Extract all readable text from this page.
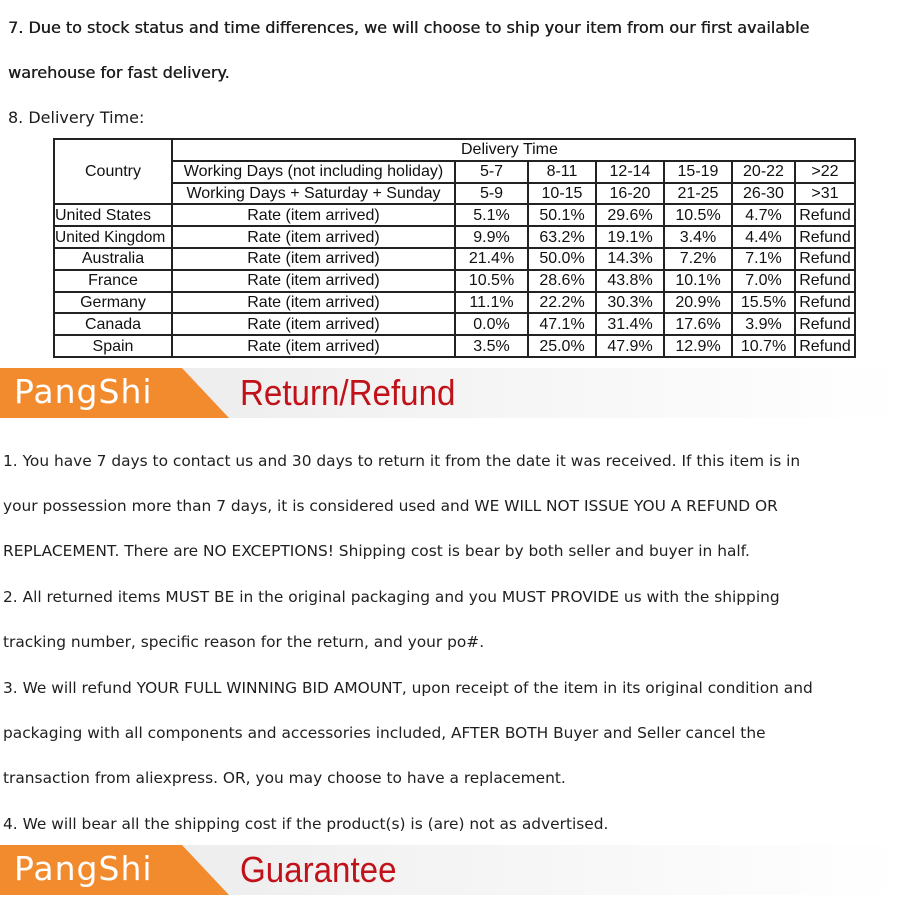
7. Due to stock status and time differences, we will choose to ship your item from our first available
warehouse for fast delivery.
8. Delivery Time:
Country		Delivery Time					
	Working Days (not including holiday)	5-7	8-11	12-14	15-19	20-22	>22
	Working Days + Saturday + Sunday	5-9	10-15	16-20	21-25	26-30	>31
United States	Rate (item arrived)	5.1%	50.1%	29.6%	10.5%	4.7%	Refund
United Kingdom	Rate (item arrived)	9.9%	63.2%	19.1%	3.4%	4.4%	Refund
Australia	Rate (item arrived)	21.4%	50.0%	14.3%	7.2%	7.1%	Refund
France	Rate (item arrived)	10.5%	28.6%	43.8%	10.1%	7.0%	Refund
Germany	Rate (item arrived)	11.1%	22.2%	30.3%	20.9%	15.5%	Refund
Canada	Rate (item arrived)	0.0%	47.1%	31.4%	17.6%	3.9%	Refund
Spain	Rate (item arrived)	3.5%	25.0%	47.9%	12.9%	10.7%	Refund
PangShi Return/Refund
1. You have 7 days to contact us and 30 days to return it from the date it was received. If this item is in
your possession more than 7 days, it is considered used and WE WILL NOT ISSUE YOU A REFUND OR
REPLACEMENT. There are NO EXCEPTIONS! Shipping cost is bear by both seller and buyer in half.
2. All returned items MUST BE in the original packaging and you MUST PROVIDE us with the shipping
tracking number, specific reason for the return, and your po#.
3. We will refund YOUR FULL WINNING BID AMOUNT, upon receipt of the item in its original condition and
packaging with all components and accessories included, AFTER BOTH Buyer and Seller cancel the
transaction from aliexpress. OR, you may choose to have a replacement.
4. We will bear all the shipping cost if the product(s) is (are) not as advertised.
PangShi Guarantee
